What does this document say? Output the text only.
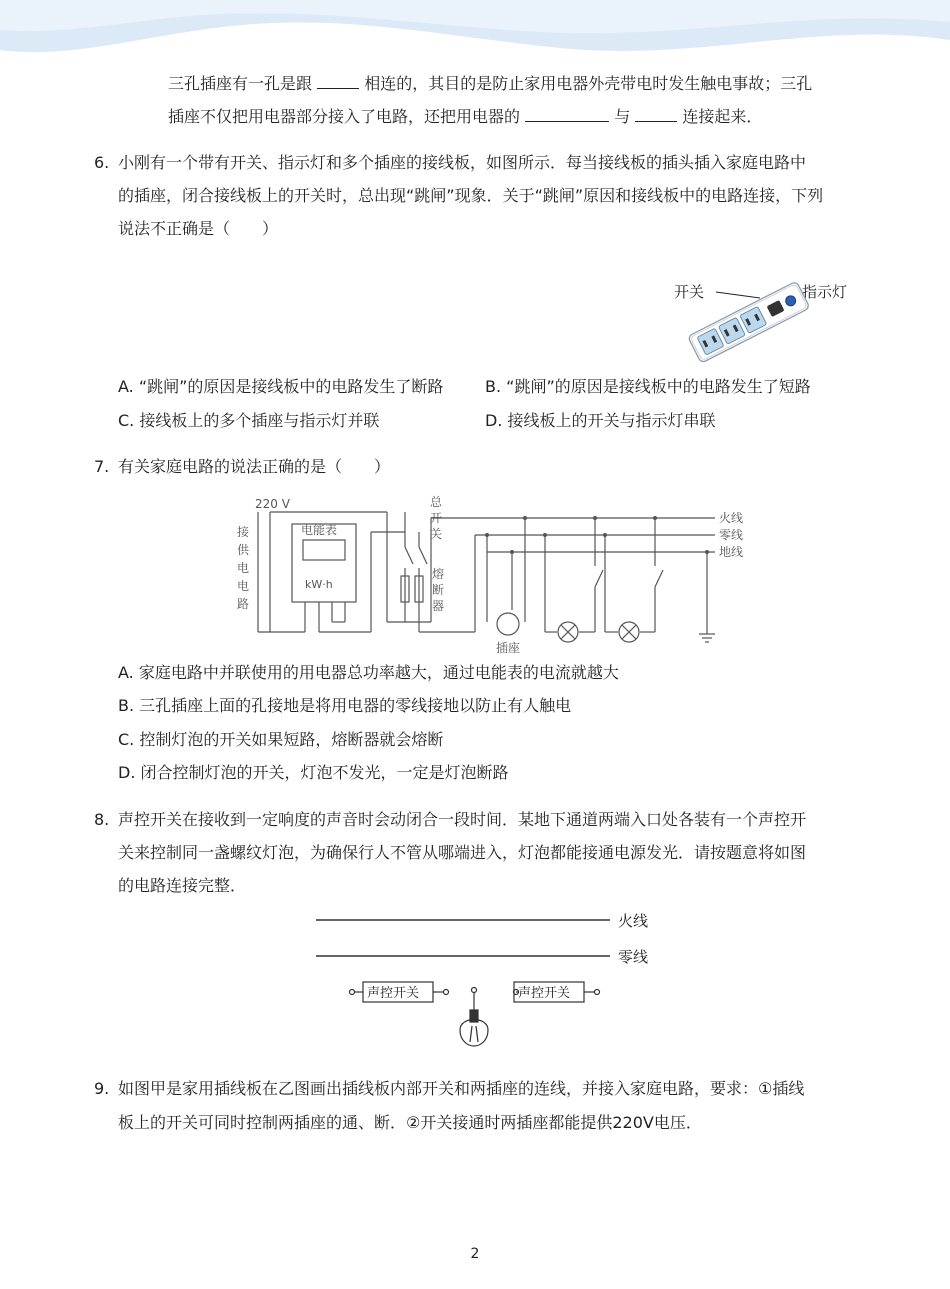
三孔插座有一孔是跟	相连的，其目的是防止家用电器外壳带电时发生触电事故；三孔
插座不仅把用电器部分接入了电路，还把用电器的	与	连接起来．
6. 小刚有一个带有开关、指示灯和多个插座的接线板，如图所示．每当接线板的插头插入家庭电路中
的插座，闭合接线板上的开关时，总出现“跳闸”现象．关于“跳闸”原因和接线板中的电路连接，下列
说法不正确是（　　）
开关	指示灯
A. “跳闸”的原因是接线板中的电路发生了断路	B. “跳闸”的原因是接线板中的电路发生了短路
C. 接线板上的多个插座与指示灯并联	D. 接线板上的开关与指示灯串联
7. 有关家庭电路的说法正确的是（　　）
220 V
接
供
电
电
路
电能表
kW·h
总
开
关
熔
断
器
火线
零线
地线
插座
A. 家庭电路中并联使用的用电器总功率越大，通过电能表的电流就越大
B. 三孔插座上面的孔接地是将用电器的零线接地以防止有人触电
C. 控制灯泡的开关如果短路，熔断器就会熔断
D. 闭合控制灯泡的开关，灯泡不发光，一定是灯泡断路
8. 声控开关在接收到一定响度的声音时会动闭合一段时间．某地下通道两端入口处各装有一个声控开
关来控制同一盏螺纹灯泡，为确保行人不管从哪端进入，灯泡都能接通电源发光．请按题意将如图
的电路连接完整．
火线
零线
声控开关	声控开关
9. 如图甲是家用插线板在乙图画出插线板内部开关和两插座的连线，并接入家庭电路，要求：①插线
板上的开关可同时控制两插座的通、断．②开关接通时两插座都能提供220V电压．
2
